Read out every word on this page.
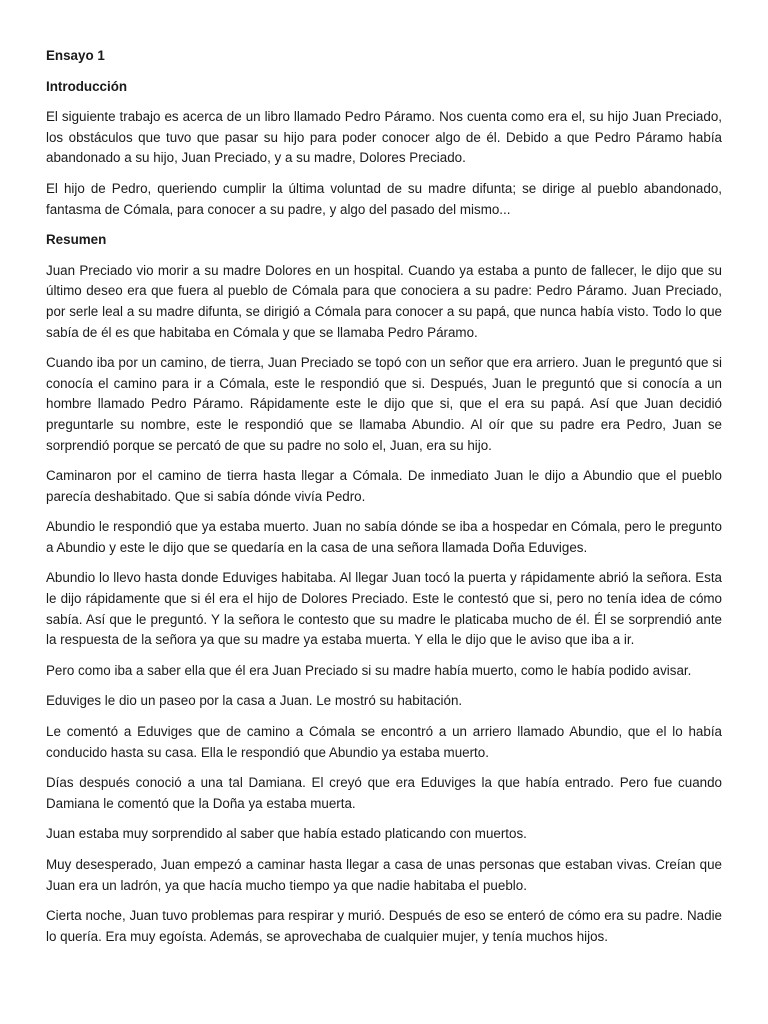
Ensayo 1
Introducción

El siguiente trabajo es acerca de un libro llamado Pedro Páramo. Nos cuenta como era el, su hijo Juan Preciado, los obstáculos que tuvo que pasar su hijo para poder conocer algo de él. Debido a que Pedro Páramo había abandonado a su hijo, Juan Preciado, y a su madre, Dolores Preciado.

El hijo de Pedro, queriendo cumplir la última voluntad de su madre difunta; se dirige al pueblo abandonado, fantasma de Cómala, para conocer a su padre, y algo del pasado del mismo...

Resumen

Juan Preciado vio morir a su madre Dolores en un hospital. Cuando ya estaba a punto de fallecer, le dijo que su último deseo era que fuera al pueblo de Cómala para que conociera a su padre: Pedro Páramo. Juan Preciado, por serle leal a su madre difunta, se dirigió a Cómala para conocer a su papá, que nunca había visto. Todo lo que sabía de él es que habitaba en Cómala y que se llamaba Pedro Páramo.

Cuando iba por un camino, de tierra, Juan Preciado se topó con un señor que era arriero. Juan le preguntó que si conocía el camino para ir a Cómala, este le respondió que si. Después, Juan le preguntó que si conocía a un hombre llamado Pedro Páramo. Rápidamente este le dijo que si, que el era su papá. Así que Juan decidió preguntarle su nombre, este le respondió que se llamaba Abundio. Al oír que su padre era Pedro, Juan se sorprendió porque se percató de que su padre no solo el, Juan, era su hijo.

Caminaron por el camino de tierra hasta llegar a Cómala. De inmediato Juan le dijo a Abundio que el pueblo parecía deshabitado. Que si sabía dónde vivía Pedro.

Abundio le respondió que ya estaba muerto. Juan no sabía dónde se iba a hospedar en Cómala, pero le pregunto a Abundio y este le dijo que se quedaría en la casa de una señora llamada Doña Eduviges.

Abundio lo llevo hasta donde Eduviges habitaba. Al llegar Juan tocó la puerta y rápidamente abrió la señora. Esta le dijo rápidamente que si él era el hijo de Dolores Preciado. Este le contestó que si, pero no tenía idea de cómo sabía. Así que le preguntó. Y la señora le contesto que su madre le platicaba mucho de él. Él se sorprendió ante la respuesta de la señora ya que su madre ya estaba muerta. Y ella le dijo que le aviso que iba a ir.

Pero como iba a saber ella que él era Juan Preciado si su madre había muerto, como le había podido avisar.

Eduviges le dio un paseo por la casa a Juan. Le mostró su habitación.

Le comentó a Eduviges que de camino a Cómala se encontró a un arriero llamado Abundio, que el lo había conducido hasta su casa. Ella le respondió que Abundio ya estaba muerto.

Días después conoció a una tal Damiana. El creyó que era Eduviges la que había entrado. Pero fue cuando Damiana le comentó que la Doña ya estaba muerta.

Juan estaba muy sorprendido al saber que había estado platicando con muertos.

Muy desesperado, Juan empezó a caminar hasta llegar a casa de unas personas que estaban vivas. Creían que Juan era un ladrón, ya que hacía mucho tiempo ya que nadie habitaba el pueblo.

Cierta noche, Juan tuvo problemas para respirar y murió. Después de eso se enteró de cómo era su padre. Nadie lo quería. Era muy egoísta. Además, se aprovechaba de cualquier mujer, y tenía muchos hijos.
